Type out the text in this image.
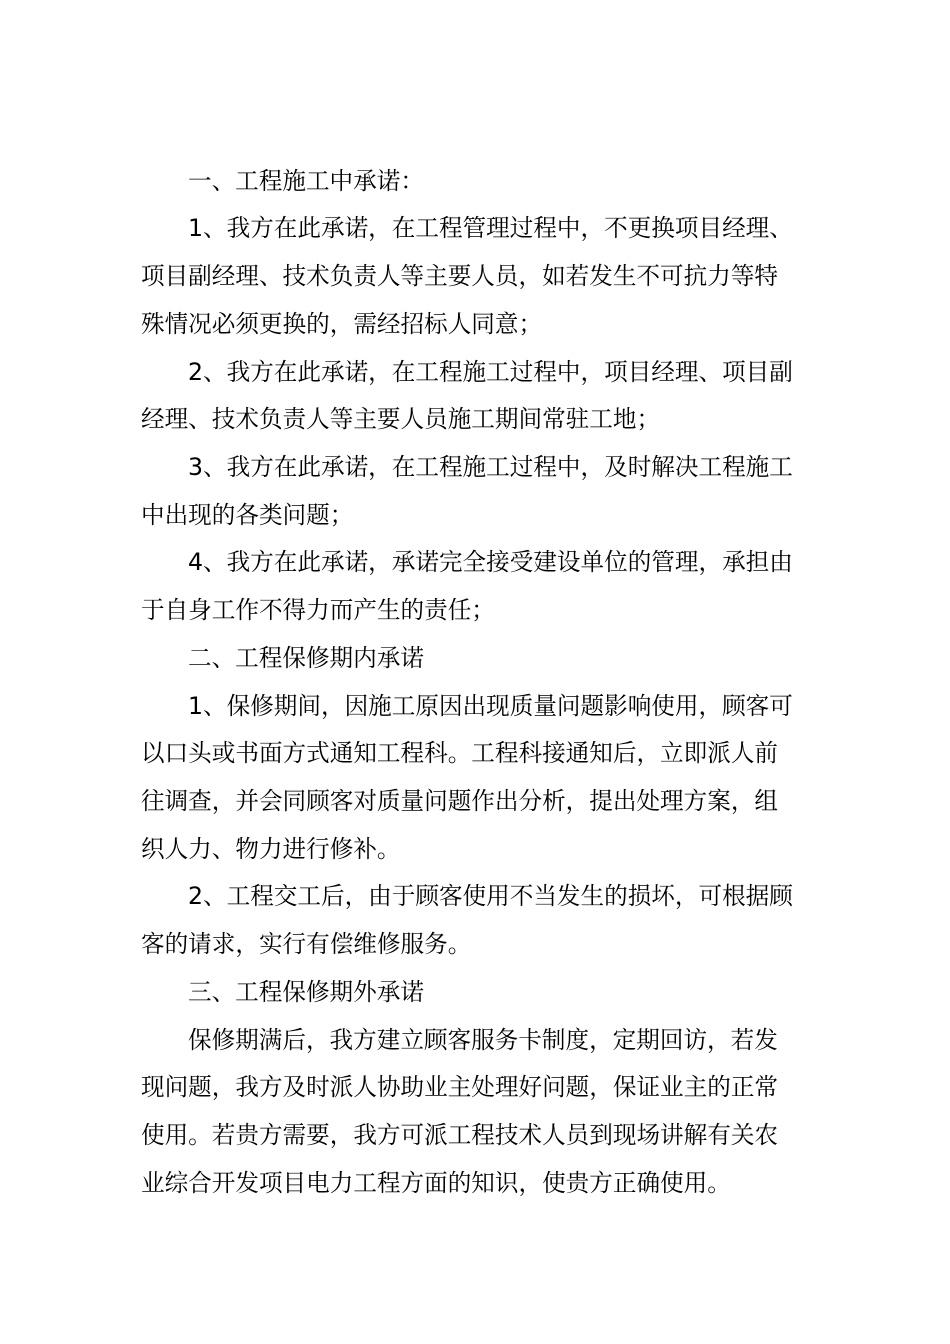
一、工程施工中承诺：
1、我方在此承诺，在工程管理过程中，不更换项目经理、
项目副经理、技术负责人等主要人员，如若发生不可抗力等特
殊情况必须更换的，需经招标人同意；
2、我方在此承诺，在工程施工过程中，项目经理、项目副
经理、技术负责人等主要人员施工期间常驻工地；
3、我方在此承诺，在工程施工过程中，及时解决工程施工
中出现的各类问题；
4、我方在此承诺，承诺完全接受建设单位的管理，承担由
于自身工作不得力而产生的责任；
二、工程保修期内承诺
1、保修期间，因施工原因出现质量问题影响使用，顾客可
以口头或书面方式通知工程科。工程科接通知后，立即派人前
往调查，并会同顾客对质量问题作出分析，提出处理方案，组
织人力、物力进行修补。
2、工程交工后，由于顾客使用不当发生的损坏，可根据顾
客的请求，实行有偿维修服务。
三、工程保修期外承诺
保修期满后，我方建立顾客服务卡制度，定期回访，若发
现问题，我方及时派人协助业主处理好问题，保证业主的正常
使用。若贵方需要，我方可派工程技术人员到现场讲解有关农
业综合开发项目电力工程方面的知识，使贵方正确使用。
